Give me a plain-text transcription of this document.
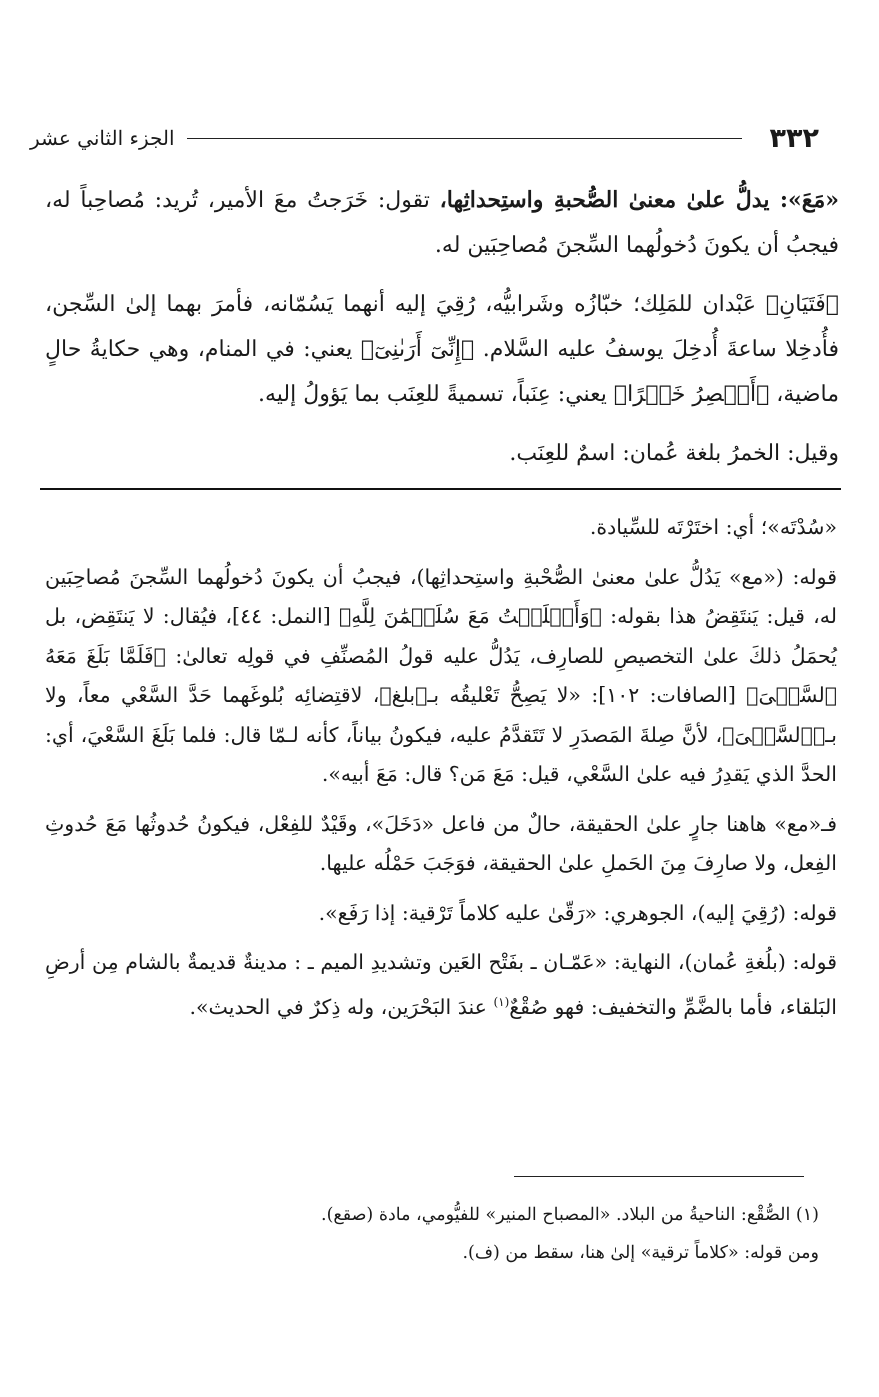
٣٣٢
الجزء الثاني عشر

«مَعَ»: يدلُّ علىٰ معنىٰ الصُّحبةِ واستِحداثِها، تقول: خَرَجتُ معَ الأمير، تُريد: مُصاحِباً له، فيجبُ أن يكونَ دُخولُهما السِّجنَ مُصاحِبَين له.

﴿فَتَيَانِ﴾ عَبْدان للمَلِك؛ خبّازُه وشَرابيُّه، رُقِيَ إليه أنهما يَسُمّانه، فأمرَ بهما إلىٰ السِّجن، فأُدخِلا ساعةَ أُدخِلَ يوسفُ عليه السَّلام. ﴿إِنِّىٓ أَرَىٰنِىٓ﴾ يعني: في المنام، وهي حكايةُ حالٍ ماضية، ﴿أَعۡصِرُ خَمۡرًا﴾ يعني: عِنَباً، تسميةً للعِنَب بما يَؤولُ إليه.

وقيل: الخمرُ بلغة عُمان: اسمٌ للعِنَب.

«سُدْتَه»؛ أي: اختَرْتَه للسِّيادة.

قوله: («مع» يَدُلُّ علىٰ معنىٰ الصُّحْبةِ واستِحداثِها)، فيجبُ أن يكونَ دُخولُهما السِّجنَ مُصاحِبَين له، قيل: يَنتَقِضُ هذا بقوله: ﴿وَأَسۡلَمۡتُ مَعَ سُلَيۡمَٰنَ لِلَّهِ﴾ [النمل: ٤٤]، فيُقال: لا يَنتَقِض، بل يُحمَلُ ذلكَ علىٰ التخصيصِ للصارِف، يَدُلُّ عليه قولُ المُصنِّفِ في قولِه تعالىٰ: ﴿فَلَمَّا بَلَغَ مَعَهُ ٱلسَّعۡىَ﴾ [الصافات: ١٠٢]: «لا يَصِحُّ تَعْليقُه بـ﴿بلغ﴾، لاقتِضائِه بُلوغَهما حَدَّ السَّعْي معاً، ولا بـ﴿ٱلسَّعۡىَ﴾، لأنَّ صِلةَ المَصدَرِ لا تَتَقدَّمُ عليه، فيكونُ بياناً، كأنه لـمّا قال: فلما بَلَغَ السَّعْيَ، أي: الحدَّ الذي يَقدِرُ فيه علىٰ السَّعْي، قيل: مَعَ مَن؟ قال: مَعَ أبيه».

فـ«مع» هاهنا جارٍ علىٰ الحقيقة، حالٌ من فاعل «دَخَلَ»، وقَيْدٌ للفِعْل، فيكونُ حُدوثُها مَعَ حُدوثِ الفِعل، ولا صارِفَ مِنَ الحَملِ علىٰ الحقيقة، فوَجَبَ حَمْلُه عليها.

قوله: (رُقِيَ إليه)، الجوهري: «رَقّىٰ عليه كلاماً تَرْقية: إذا رَفَع».

قوله: (بلُغةِ عُمان)، النهاية: «عَمّـان ـ بفَتْح العَين وتشديدِ الميم ـ : مدينةٌ قديمةٌ بالشام مِن أرضِ البَلقاء، فأما بالضَّمِّ والتخفيف: فهو صُقْعٌ$^{(١)}$ عندَ البَحْرَين، وله ذِكرٌ في الحديث».

(١) الصُّقْع: الناحيةُ من البلاد. «المصباح المنير» للفيُّومي، مادة (صقع).
ومن قوله: «كلاماً ترقية» إلىٰ هنا، سقط من (ف).
